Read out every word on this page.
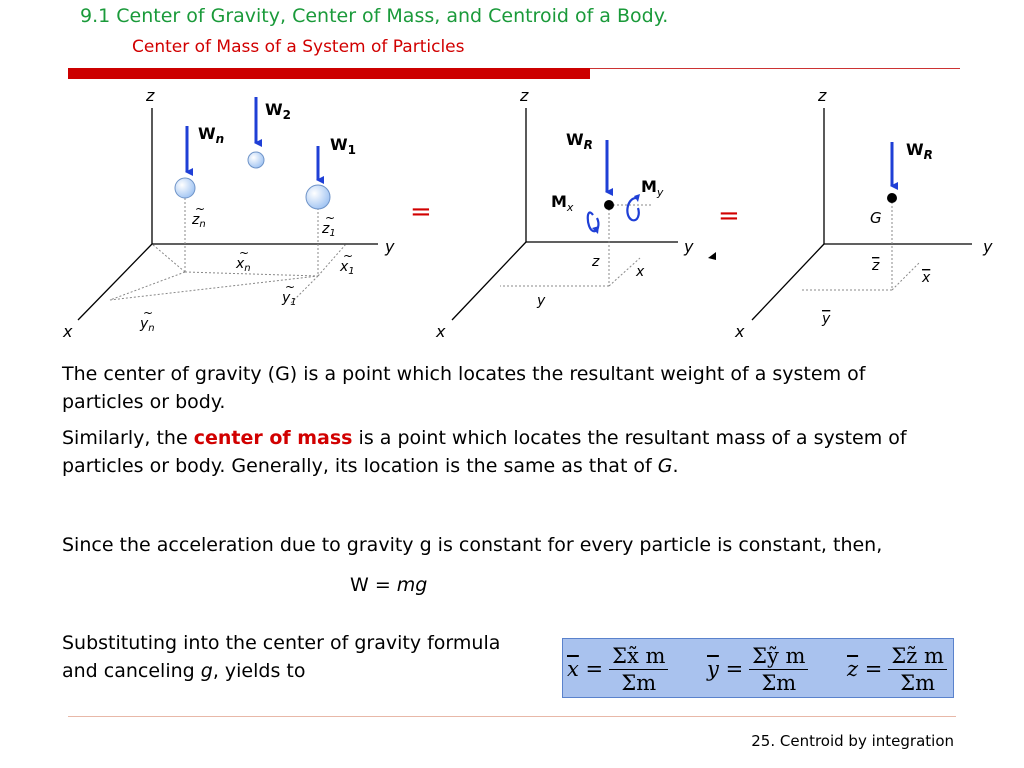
9.1 Center of Gravity, Center of Mass, and Centroid of a Body.
Center of Mass of a System of Particles
z
y
x
$W_2$
$W_n$	$W_1$
$z_n$
~
$z_1$
~
$x_n$
~
$x_1$
~
$y_1$
~
$y_n$
~
=
z
y
x
$W_R$
$M_x$
$M_y$
z
x
y
=
z
y
x
$W_R$
G
z
x
y
The center of gravity (G) is a point which locates the resultant weight of a system of particles or body.
Similarly, the center of mass is a point which locates the resultant mass of a system of particles or body. Generally, its location is the same as that of G.
Since the acceleration due to gravity g is constant for every particle is constant, then,
W = mg
Substituting into the center of gravity formula and canceling g, yields to	$\overline{x}$
= $\frac{\Sigma x̃ m}{\Sigma m} \overline{y}$
= $\frac{\text{Σỹ m}}{\Sigma m} \overline{z}$
= $\frac{\Sigma z̃ m}{\Sigma m}$
25. Centroid by integration
